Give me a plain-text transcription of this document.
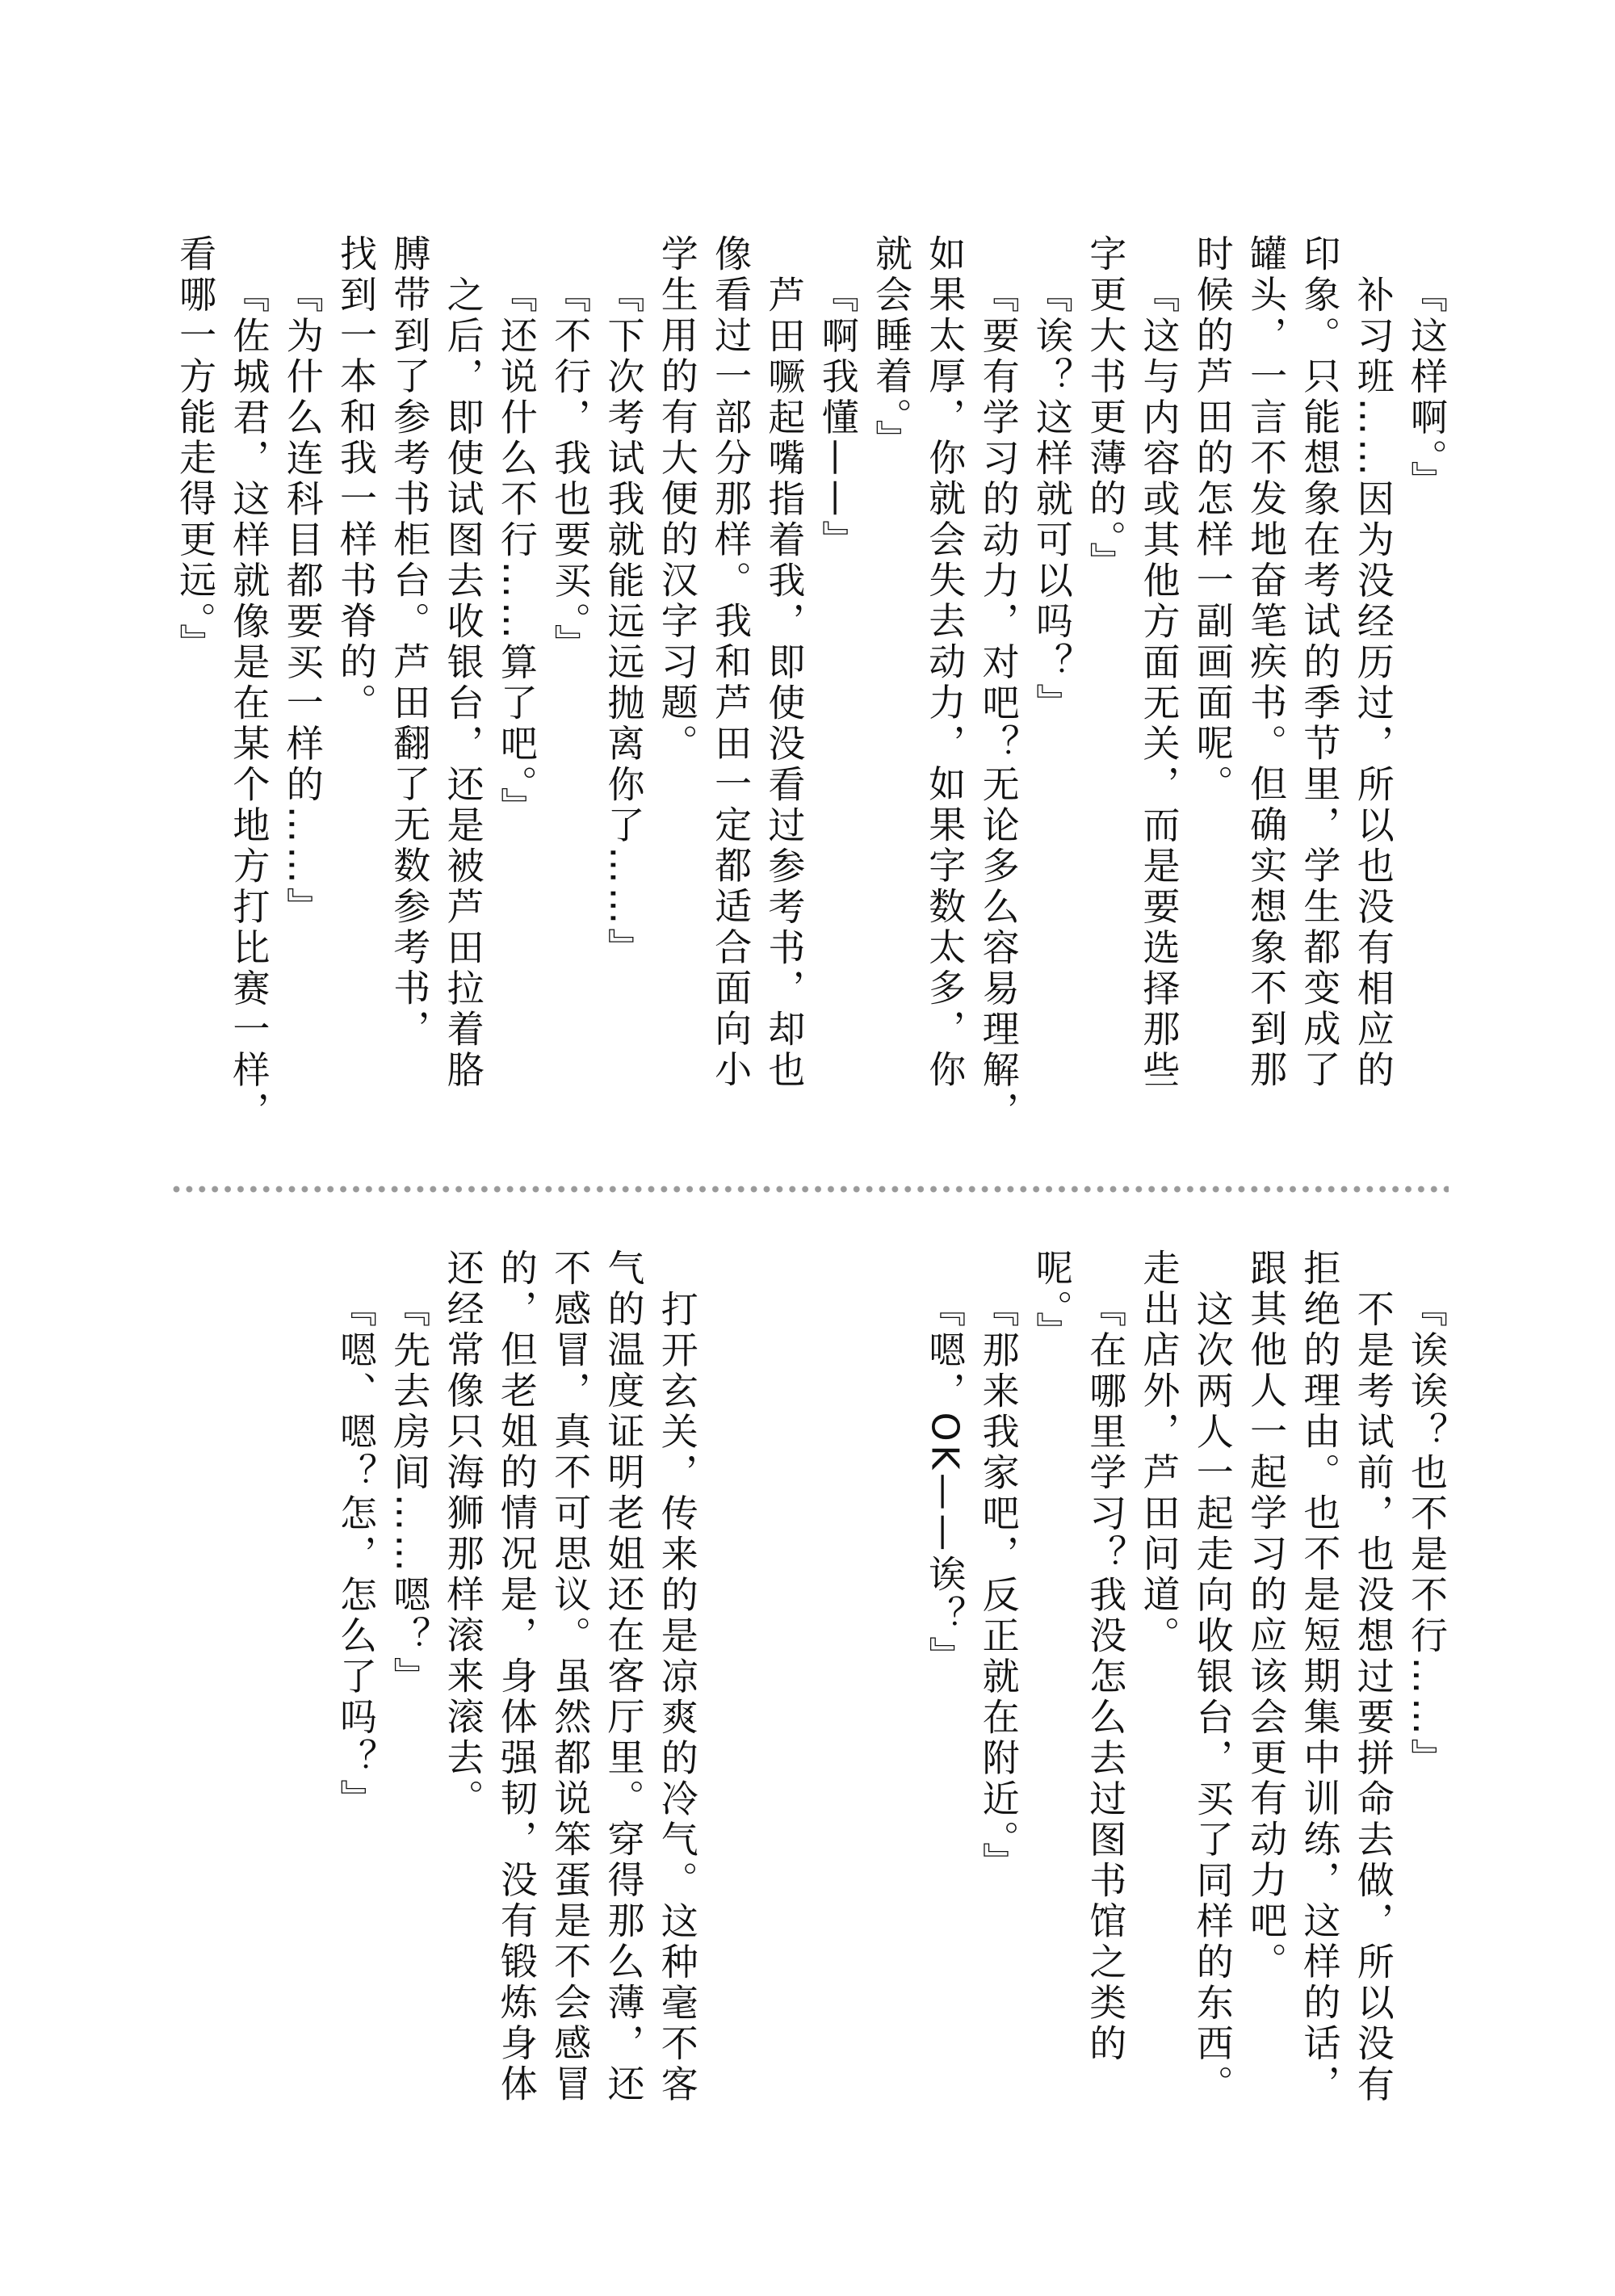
『这样啊。』
补习班……因为没经历过，所以也没有相应的
印象。只能想象在考试的季节里，学生都变成了
罐头，一言不发地奋笔疾书。但确实想象不到那
时候的芦田的怎样一副画面呢。
『这与内容或其他方面无关，而是要选择那些
字更大书更薄的。』
『诶？这样就可以吗？』
『要有学习的动力，对吧？无论多么容易理解，
如果太厚，你就会失去动力，如果字数太多，你
就会睡着。』
『啊我懂——』
芦田噘起嘴指着我，即使没看过参考书，却也
像看过一部分那样。我和芦田一定都适合面向小
学生用的有大便的汉字习题。
『下次考试我就能远远抛离你了……』
『不行，我也要买。』
『还说什么不行……算了吧。』
之后，即使试图去收银台，还是被芦田拉着胳
膊带到了参考书柜台。芦田翻了无数参考书，
找到一本和我一样书脊的。
『为什么连科目都要买一样的……』
『佐城君，这样就像是在某个地方打比赛一样，
看哪一方能走得更远。』
『诶诶？也不是不行……』
不是考试前，也没想过要拼命去做，所以没有
拒绝的理由。也不是短期集中训练，这样的话，
跟其他人一起学习的应该会更有动力吧。
这次两人一起走向收银台，买了同样的东西。
走出店外，芦田问道。
『在哪里学习？我没怎么去过图书馆之类的
呢。』
『那来我家吧，反正就在附近。』
『嗯，OK——诶？』
打开玄关，传来的是凉爽的冷气。这种毫不客
气的温度证明老姐还在客厅里。穿得那么薄，还
不感冒，真不可思议。虽然都说笨蛋是不会感冒
的，但老姐的情况是，身体强韧，没有锻炼身体
还经常像只海狮那样滚来滚去。
『先去房间……嗯？』
『嗯、嗯？怎，怎么了吗？』
